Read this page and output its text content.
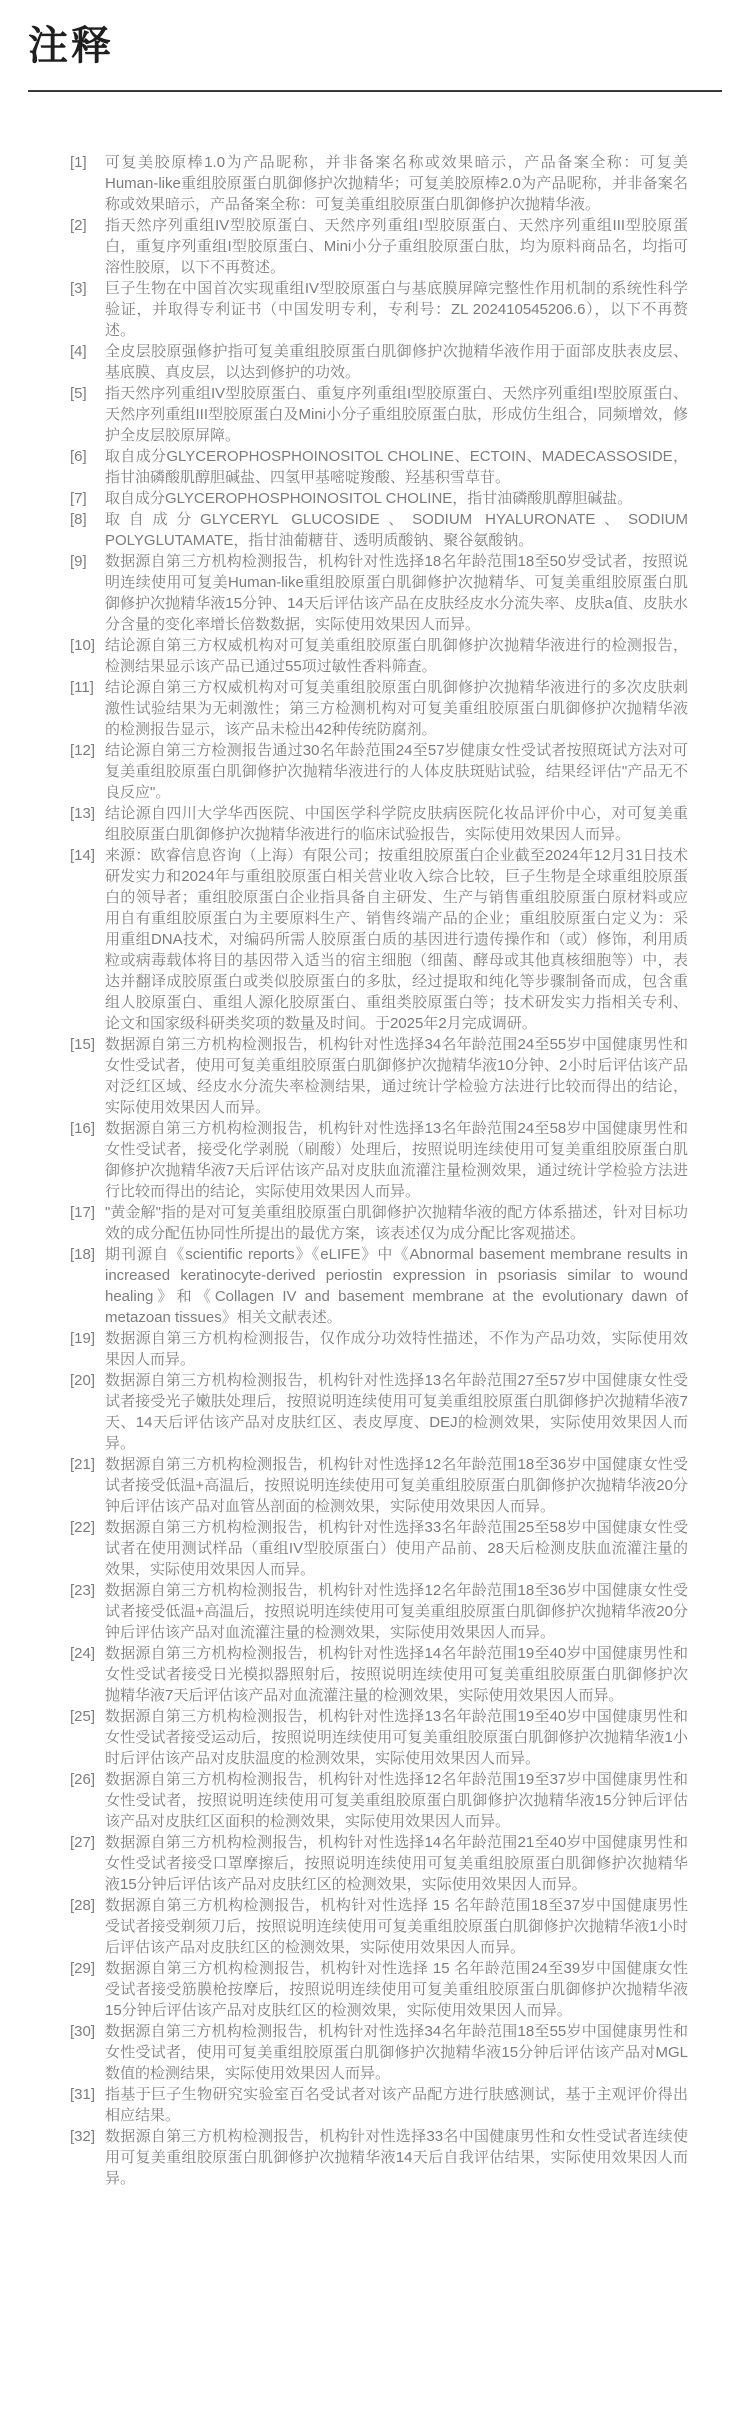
注释
[1]	可复美胶原棒1.0为产品昵称，并非备案名称或效果暗示，产品备案全称：可复美Human-like重组胶原蛋白肌御修护次抛精华；可复美胶原棒2.0为产品昵称，并非备案名称或效果暗示，产品备案全称：可复美重组胶原蛋白肌御修护次抛精华液。
[2]	指天然序列重组IV型胶原蛋白、天然序列重组I型胶原蛋白、天然序列重组III型胶原蛋白，重复序列重组I型胶原蛋白、Mini小分子重组胶原蛋白肽，均为原料商品名，均指可溶性胶原，以下不再赘述。
[3]	巨子生物在中国首次实现重组IV型胶原蛋白与基底膜屏障完整性作用机制的系统性科学验证，并取得专利证书（中国发明专利，专利号：ZL 202410545206.6），以下不再赘述。
[4]	全皮层胶原强修护指可复美重组胶原蛋白肌御修护次抛精华液作用于面部皮肤表皮层、基底膜、真皮层，以达到修护的功效。
[5]	指天然序列重组IV型胶原蛋白、重复序列重组I型胶原蛋白、天然序列重组I型胶原蛋白、天然序列重组III型胶原蛋白及Mini小分子重组胶原蛋白肽，形成仿生组合，同频增效，修护全皮层胶原屏障。
[6]	取自成分GLYCEROPHOSPHOINOSITOL CHOLINE、ECTOIN、MADECASSOSIDE，指甘油磷酸肌醇胆碱盐、四氢甲基嘧啶羧酸、羟基积雪草苷。
[7]	取自成分GLYCEROPHOSPHOINOSITOL CHOLINE，指甘油磷酸肌醇胆碱盐。
[8]	取自成分GLYCERYL GLUCOSIDE、SODIUM HYALURONATE、SODIUM POLYGLUTAMATE，指甘油葡糖苷、透明质酸钠、聚谷氨酸钠。
[9]	数据源自第三方机构检测报告，机构针对性选择18名年龄范围18至50岁受试者，按照说明连续使用可复美Human-like重组胶原蛋白肌御修护次抛精华、可复美重组胶原蛋白肌御修护次抛精华液15分钟、14天后评估该产品在皮肤经皮水分流失率、皮肤a值、皮肤水分含量的变化率增长倍数数据，实际使用效果因人而异。
[10] 结论源自第三方权威机构对可复美重组胶原蛋白肌御修护次抛精华液进行的检测报告，检测结果显示该产品已通过55项过敏性香料筛查。
[11] 结论源自第三方权威机构对可复美重组胶原蛋白肌御修护次抛精华液进行的多次皮肤刺激性试验结果为无刺激性；第三方检测机构对可复美重组胶原蛋白肌御修护次抛精华液的检测报告显示，该产品未检出42种传统防腐剂。
[12] 结论源自第三方检测报告通过30名年龄范围24至57岁健康女性受试者按照斑试方法对可复美重组胶原蛋白肌御修护次抛精华液进行的人体皮肤斑贴试验，结果经评估"产品无不良反应"。
[13] 结论源自四川大学华西医院、中国医学科学院皮肤病医院化妆品评价中心，对可复美重组胶原蛋白肌御修护次抛精华液进行的临床试验报告，实际使用效果因人而异。
[14] 来源：欧睿信息咨询（上海）有限公司；按重组胶原蛋白企业截至2024年12月31日技术研发实力和2024年与重组胶原蛋白相关营业收入综合比较，巨子生物是全球重组胶原蛋白的领导者；重组胶原蛋白企业指具备自主研发、生产与销售重组胶原蛋白原材料或应用自有重组胶原蛋白为主要原料生产、销售终端产品的企业；重组胶原蛋白定义为：采用重组DNA技术，对编码所需人胶原蛋白质的基因进行遗传操作和（或）修饰，利用质粒或病毒载体将目的基因带入适当的宿主细胞（细菌、酵母或其他真核细胞等）中，表达并翻译成胶原蛋白或类似胶原蛋白的多肽，经过提取和纯化等步骤制备而成，包含重组人胶原蛋白、重组人源化胶原蛋白、重组类胶原蛋白等；技术研发实力指相关专利、论文和国家级科研类奖项的数量及时间。于2025年2月完成调研。
[15] 数据源自第三方机构检测报告，机构针对性选择34名年龄范围24至55岁中国健康男性和女性受试者，使用可复美重组胶原蛋白肌御修护次抛精华液10分钟、2小时后评估该产品对泛红区域、经皮水分流失率检测结果，通过统计学检验方法进行比较而得出的结论，实际使用效果因人而异。
[16] 数据源自第三方机构检测报告，机构针对性选择13名年龄范围24至58岁中国健康男性和女性受试者，接受化学剥脱（刷酸）处理后，按照说明连续使用可复美重组胶原蛋白肌御修护次抛精华液7天后评估该产品对皮肤血流灌注量检测效果，通过统计学检验方法进行比较而得出的结论，实际使用效果因人而异。
[17] "黄金解"指的是对可复美重组胶原蛋白肌御修护次抛精华液的配方体系描述，针对目标功效的成分配伍协同性所提出的最优方案，该表述仅为成分配比客观描述。
[18] 期刊源自《scientific reports》《eLIFE》中《Abnormal basement membrane results in increased keratinocyte-derived periostin expression in psoriasis similar to wound healing》和《Collagen IV and basement membrane at the evolutionary dawn of metazoan tissues》相关文献表述。
[19] 数据源自第三方机构检测报告，仅作成分功效特性描述，不作为产品功效，实际使用效果因人而异。
[20] 数据源自第三方机构检测报告，机构针对性选择13名年龄范围27至57岁中国健康女性受试者接受光子嫩肤处理后，按照说明连续使用可复美重组胶原蛋白肌御修护次抛精华液7天、14天后评估该产品对皮肤红区、表皮厚度、DEJ的检测效果，实际使用效果因人而异。
[21] 数据源自第三方机构检测报告，机构针对性选择12名年龄范围18至36岁中国健康女性受试者接受低温+高温后，按照说明连续使用可复美重组胶原蛋白肌御修护次抛精华液20分钟后评估该产品对血管丛剖面的检测效果，实际使用效果因人而异。
[22] 数据源自第三方机构检测报告，机构针对性选择33名年龄范围25至58岁中国健康女性受试者在使用测试样品（重组IV型胶原蛋白）使用产品前、28天后检测皮肤血流灌注量的效果，实际使用效果因人而异。
[23] 数据源自第三方机构检测报告，机构针对性选择12名年龄范围18至36岁中国健康女性受试者接受低温+高温后，按照说明连续使用可复美重组胶原蛋白肌御修护次抛精华液20分钟后评估该产品对血流灌注量的检测效果，实际使用效果因人而异。
[24] 数据源自第三方机构检测报告，机构针对性选择14名年龄范围19至40岁中国健康男性和女性受试者接受日光模拟器照射后，按照说明连续使用可复美重组胶原蛋白肌御修护次抛精华液7天后评估该产品对血流灌注量的检测效果，实际使用效果因人而异。
[25] 数据源自第三方机构检测报告，机构针对性选择13名年龄范围19至40岁中国健康男性和女性受试者接受运动后，按照说明连续使用可复美重组胶原蛋白肌御修护次抛精华液1小时后评估该产品对皮肤温度的检测效果，实际使用效果因人而异。
[26] 数据源自第三方机构检测报告，机构针对性选择12名年龄范围19至37岁中国健康男性和女性受试者，按照说明连续使用可复美重组胶原蛋白肌御修护次抛精华液15分钟后评估该产品对皮肤红区面积的检测效果，实际使用效果因人而异。
[27] 数据源自第三方机构检测报告，机构针对性选择14名年龄范围21至40岁中国健康男性和女性受试者接受口罩摩擦后，按照说明连续使用可复美重组胶原蛋白肌御修护次抛精华液15分钟后评估该产品对皮肤红区的检测效果，实际使用效果因人而异。
[28] 数据源自第三方机构检测报告，机构针对性选择 15 名年龄范围18至37岁中国健康男性受试者接受剃须刀后，按照说明连续使用可复美重组胶原蛋白肌御修护次抛精华液1小时后评估该产品对皮肤红区的检测效果，实际使用效果因人而异。
[29] 数据源自第三方机构检测报告，机构针对性选择 15 名年龄范围24至39岁中国健康女性受试者接受筋膜枪按摩后，按照说明连续使用可复美重组胶原蛋白肌御修护次抛精华液15分钟后评估该产品对皮肤红区的检测效果，实际使用效果因人而异。
[30] 数据源自第三方机构检测报告，机构针对性选择34名年龄范围18至55岁中国健康男性和女性受试者，使用可复美重组胶原蛋白肌御修护次抛精华液15分钟后评估该产品对MGL数值的检测结果，实际使用效果因人而异。
[31] 指基于巨子生物研究实验室百名受试者对该产品配方进行肤感测试，基于主观评价得出相应结果。
[32] 数据源自第三方机构检测报告，机构针对性选择33名中国健康男性和女性受试者连续使用可复美重组胶原蛋白肌御修护次抛精华液14天后自我评估结果，实际使用效果因人而异。
